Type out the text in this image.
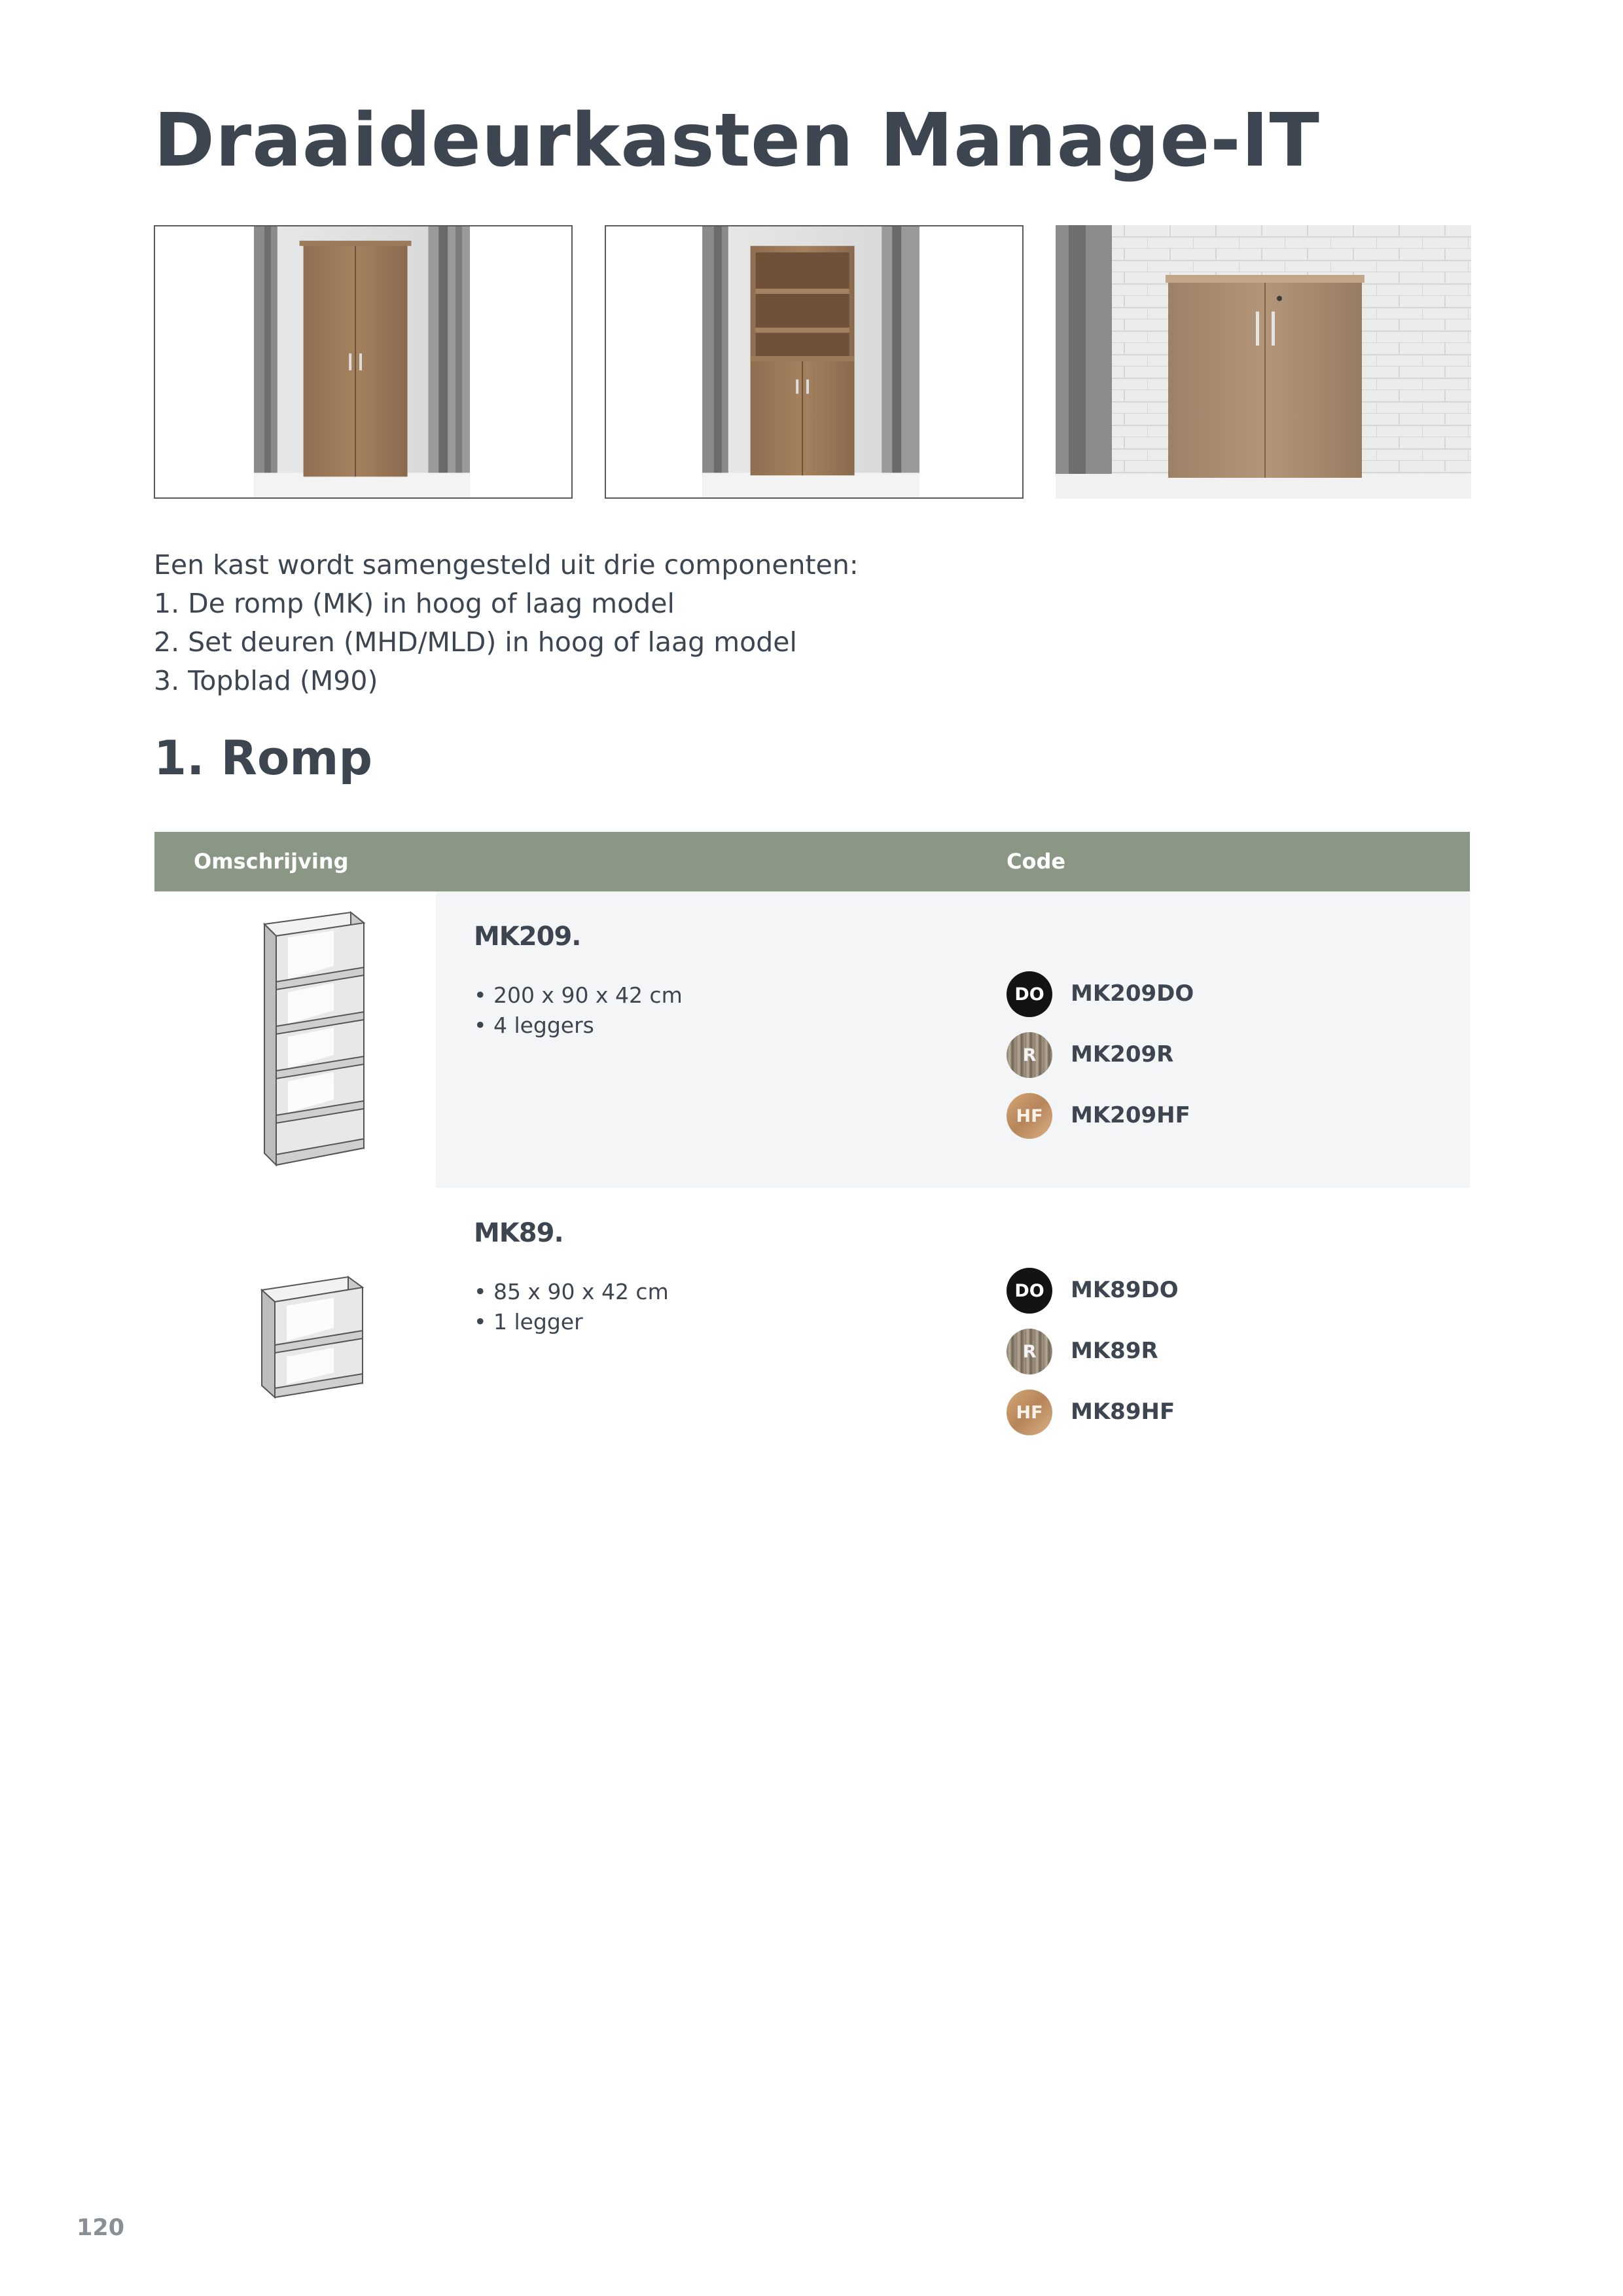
Draaideurkasten Manage-IT
Een kast wordt samengesteld uit drie componenten:
1. De romp (MK) in hoog of laag model
2. Set deuren (MHD/MLD) in hoog of laag model
3. Topblad (M90)
1. Romp
Omschrijving	Code
MK209.
• 200 x 90 x 42 cm
• 4 leggers
DO	MK209DO
R	MK209R
HF	MK209HF
MK89.
• 85 x 90 x 42 cm
• 1 legger
DO	MK89DO
R	MK89R
HF	MK89HF
120
